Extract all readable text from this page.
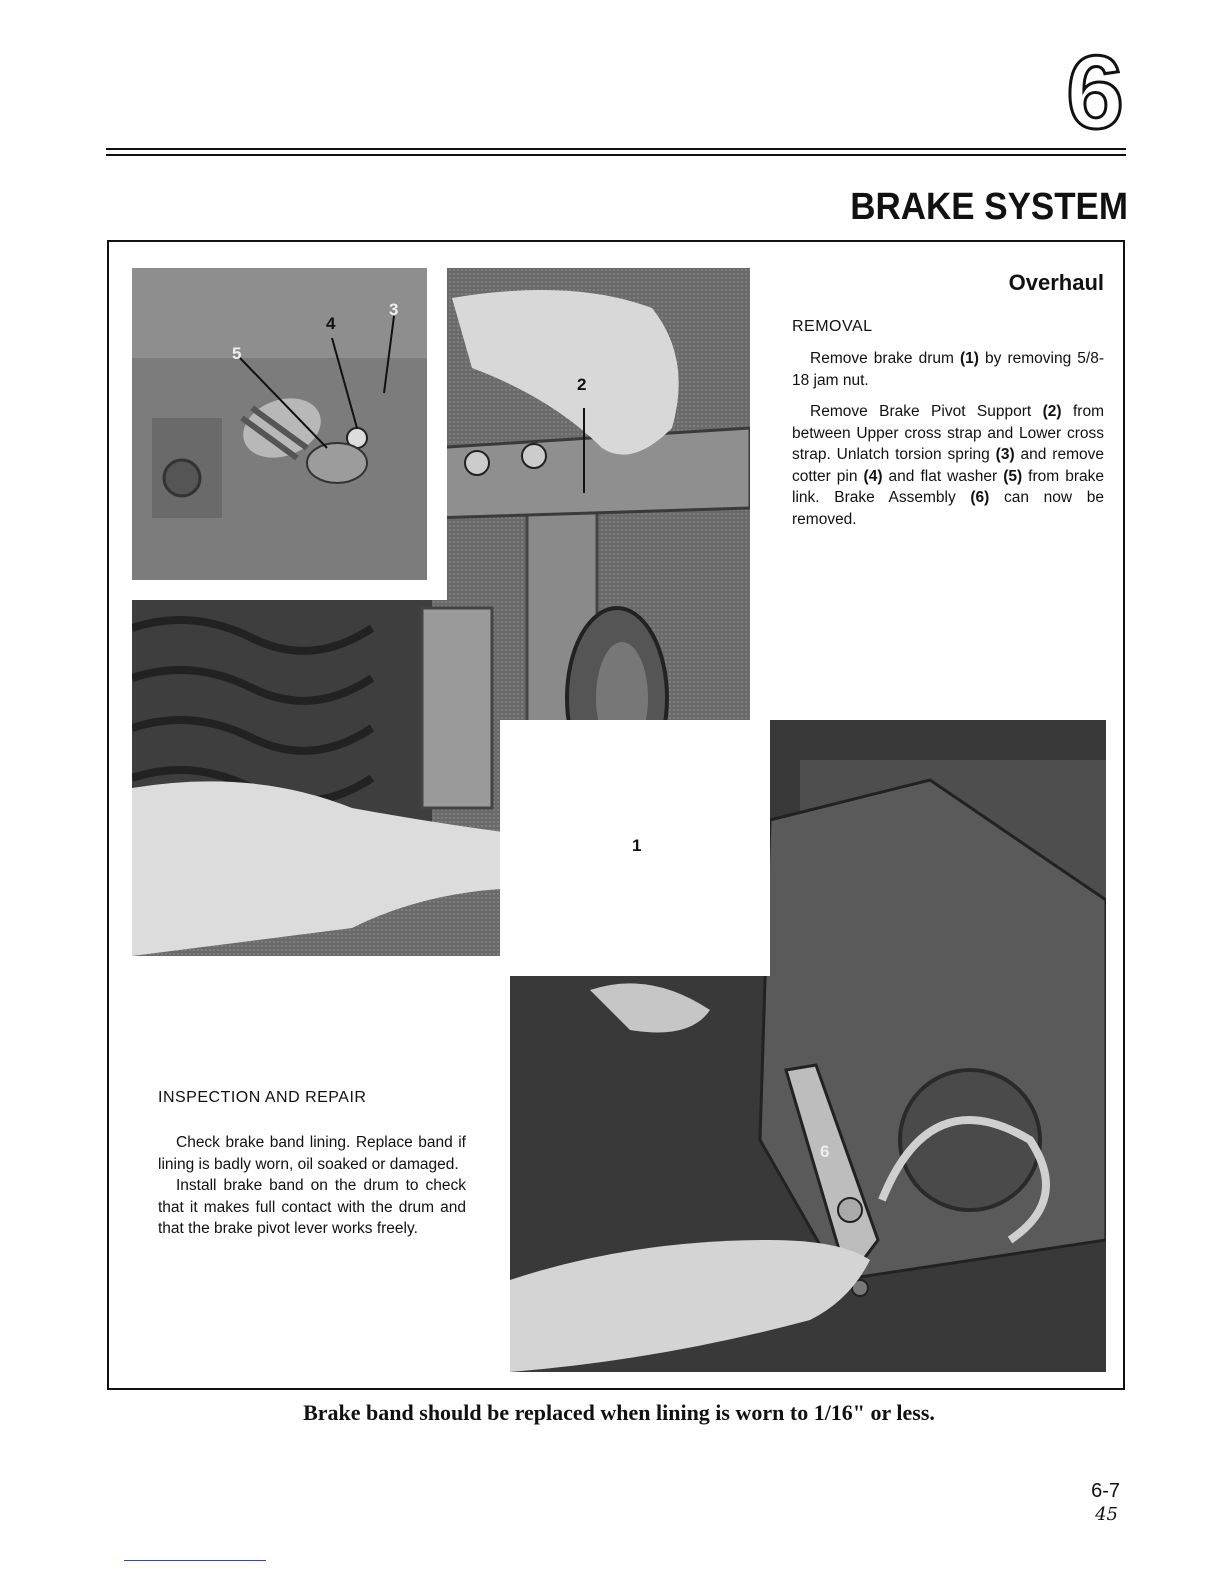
6
BRAKE SYSTEM
1
2
3
4
5
6
Overhaul
REMOVAL

Remove brake drum (1) by removing 5/8-18 jam nut.

Remove Brake Pivot Support (2) from between Upper cross strap and Lower cross strap. Unlatch torsion spring (3) and remove cotter pin (4) and flat washer (5) from brake link. Brake Assembly (6) can now be removed.

INSPECTION AND REPAIR

Check brake band lining. Replace band if lining is badly worn, oil soaked or damaged.

Install brake band on the drum to check that it makes full contact with the drum and that the brake pivot lever works freely.

Brake band should be replaced when lining is worn to 1/16" or less.
6-7
45
